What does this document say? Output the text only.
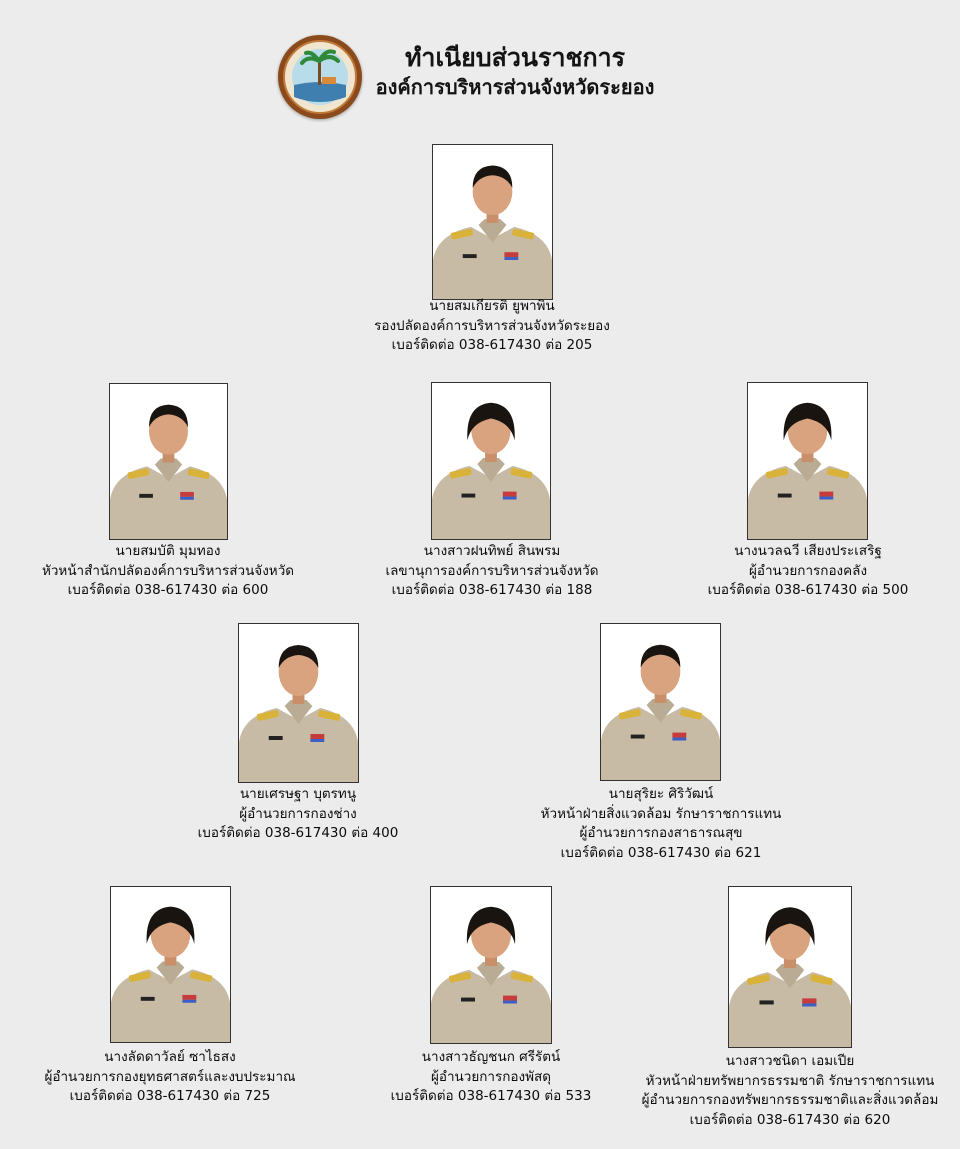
ทำเนียบส่วนราชการ
องค์การบริหารส่วนจังหวัดระยอง
นายสมเกียรติ ยูพาพิน
รองปลัดองค์การบริหารส่วนจังหวัดระยอง
เบอร์ติดต่อ 038-617430 ต่อ 205
นายสมบัติ มุมทอง
หัวหน้าสำนักปลัดองค์การบริหารส่วนจังหวัด
เบอร์ติดต่อ 038-617430 ต่อ 600
นางสาวฝนทิพย์ สินพรม
เลขานุการองค์การบริหารส่วนจังหวัด
เบอร์ติดต่อ 038-617430 ต่อ 188
นางนวลฉวี เสียงประเสริฐ
ผู้อำนวยการกองคลัง
เบอร์ติดต่อ 038-617430 ต่อ 500
นายเศรษฐา บุตรทนู
ผู้อำนวยการกองช่าง
เบอร์ติดต่อ 038-617430 ต่อ 400
นายสุริยะ ศิริวัฒน์
หัวหน้าฝ่ายสิ่งแวดล้อม รักษาราชการแทน
ผู้อำนวยการกองสาธารณสุข
เบอร์ติดต่อ 038-617430 ต่อ 621
นางลัดดาวัลย์ ซาไธสง
ผู้อำนวยการกองยุทธศาสตร์และงบประมาณ
เบอร์ติดต่อ 038-617430 ต่อ 725
นางสาวธัญชนก ศรีรัตน์
ผู้อำนวยการกองพัสดุ
เบอร์ติดต่อ 038-617430 ต่อ 533
นางสาวชนิดา เอมเปีย
หัวหน้าฝ่ายทรัพยากรธรรมชาติ รักษาราชการแทน
ผู้อำนวยการกองทรัพยากรธรรมชาติและสิ่งแวดล้อม
เบอร์ติดต่อ 038-617430 ต่อ 620
